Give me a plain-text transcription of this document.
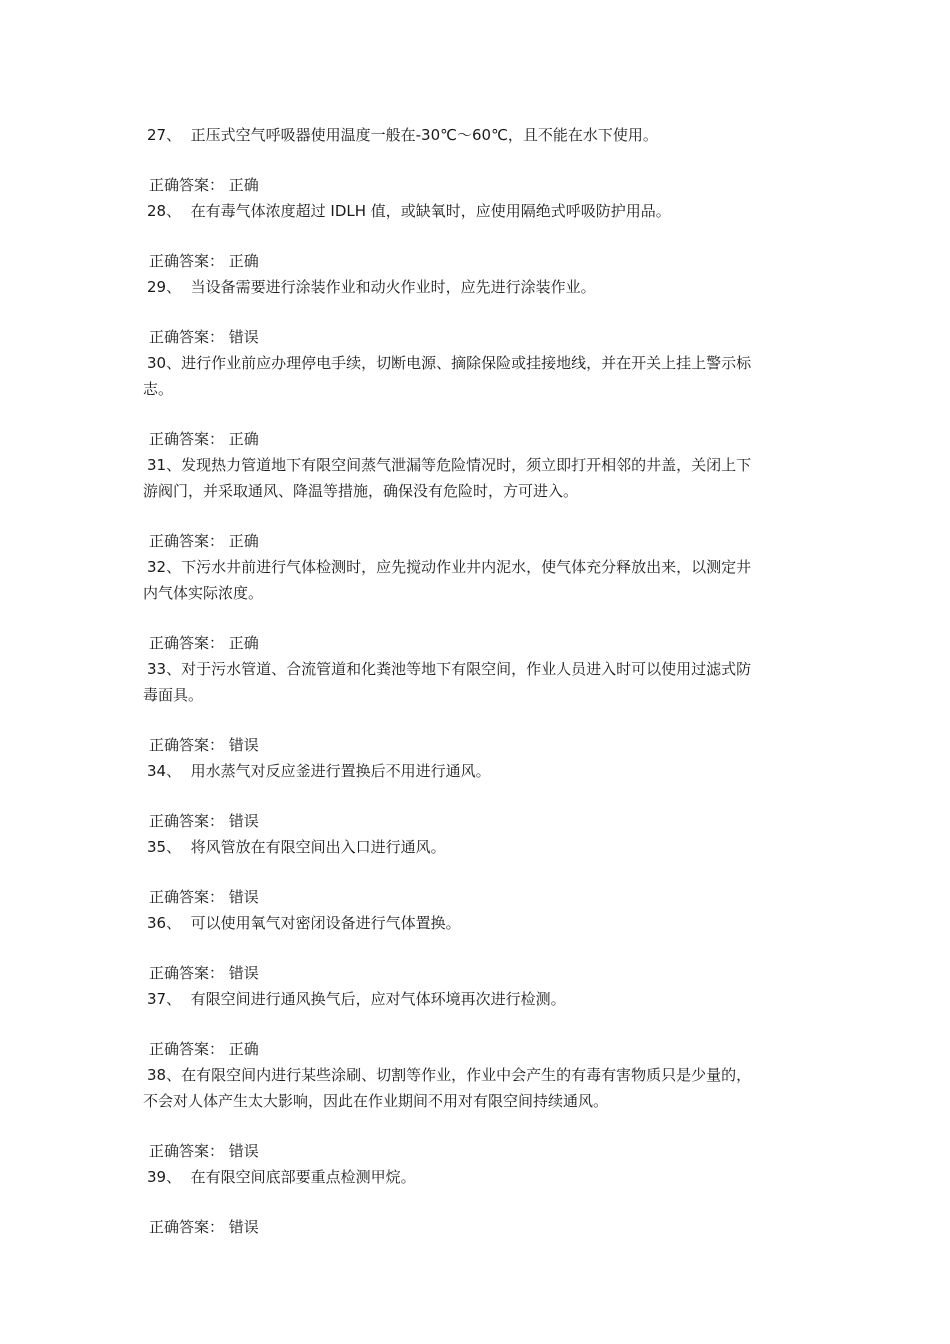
27、 正压式空气呼吸器使用温度一般在-30℃～60℃，且不能在水下使用。

正确答案： 正确

28、 在有毒气体浓度超过 IDLH 值，或缺氧时，应使用隔绝式呼吸防护用品。

正确答案： 正确

29、 当设备需要进行涂装作业和动火作业时，应先进行涂装作业。

正确答案： 错误

30、进行作业前应办理停电手续，切断电源、摘除保险或挂接地线，并在开关上挂上警示标
志。

正确答案： 正确

31、发现热力管道地下有限空间蒸气泄漏等危险情况时，须立即打开相邻的井盖，关闭上下
游阀门，并采取通风、降温等措施，确保没有危险时，方可进入。

正确答案： 正确

32、下污水井前进行气体检测时，应先搅动作业井内泥水，使气体充分释放出来，以测定井
内气体实际浓度。

正确答案： 正确

33、对于污水管道、合流管道和化粪池等地下有限空间，作业人员进入时可以使用过滤式防
毒面具。

正确答案： 错误

34、 用水蒸气对反应釜进行置换后不用进行通风。

正确答案： 错误

35、 将风管放在有限空间出入口进行通风。

正确答案： 错误

36、 可以使用氧气对密闭设备进行气体置换。

正确答案： 错误

37、 有限空间进行通风换气后，应对气体环境再次进行检测。

正确答案： 正确

38、在有限空间内进行某些涂刷、切割等作业，作业中会产生的有毒有害物质只是少量的，
不会对人体产生太大影响，因此在作业期间不用对有限空间持续通风。

正确答案： 错误

39、 在有限空间底部要重点检测甲烷。

正确答案： 错误
